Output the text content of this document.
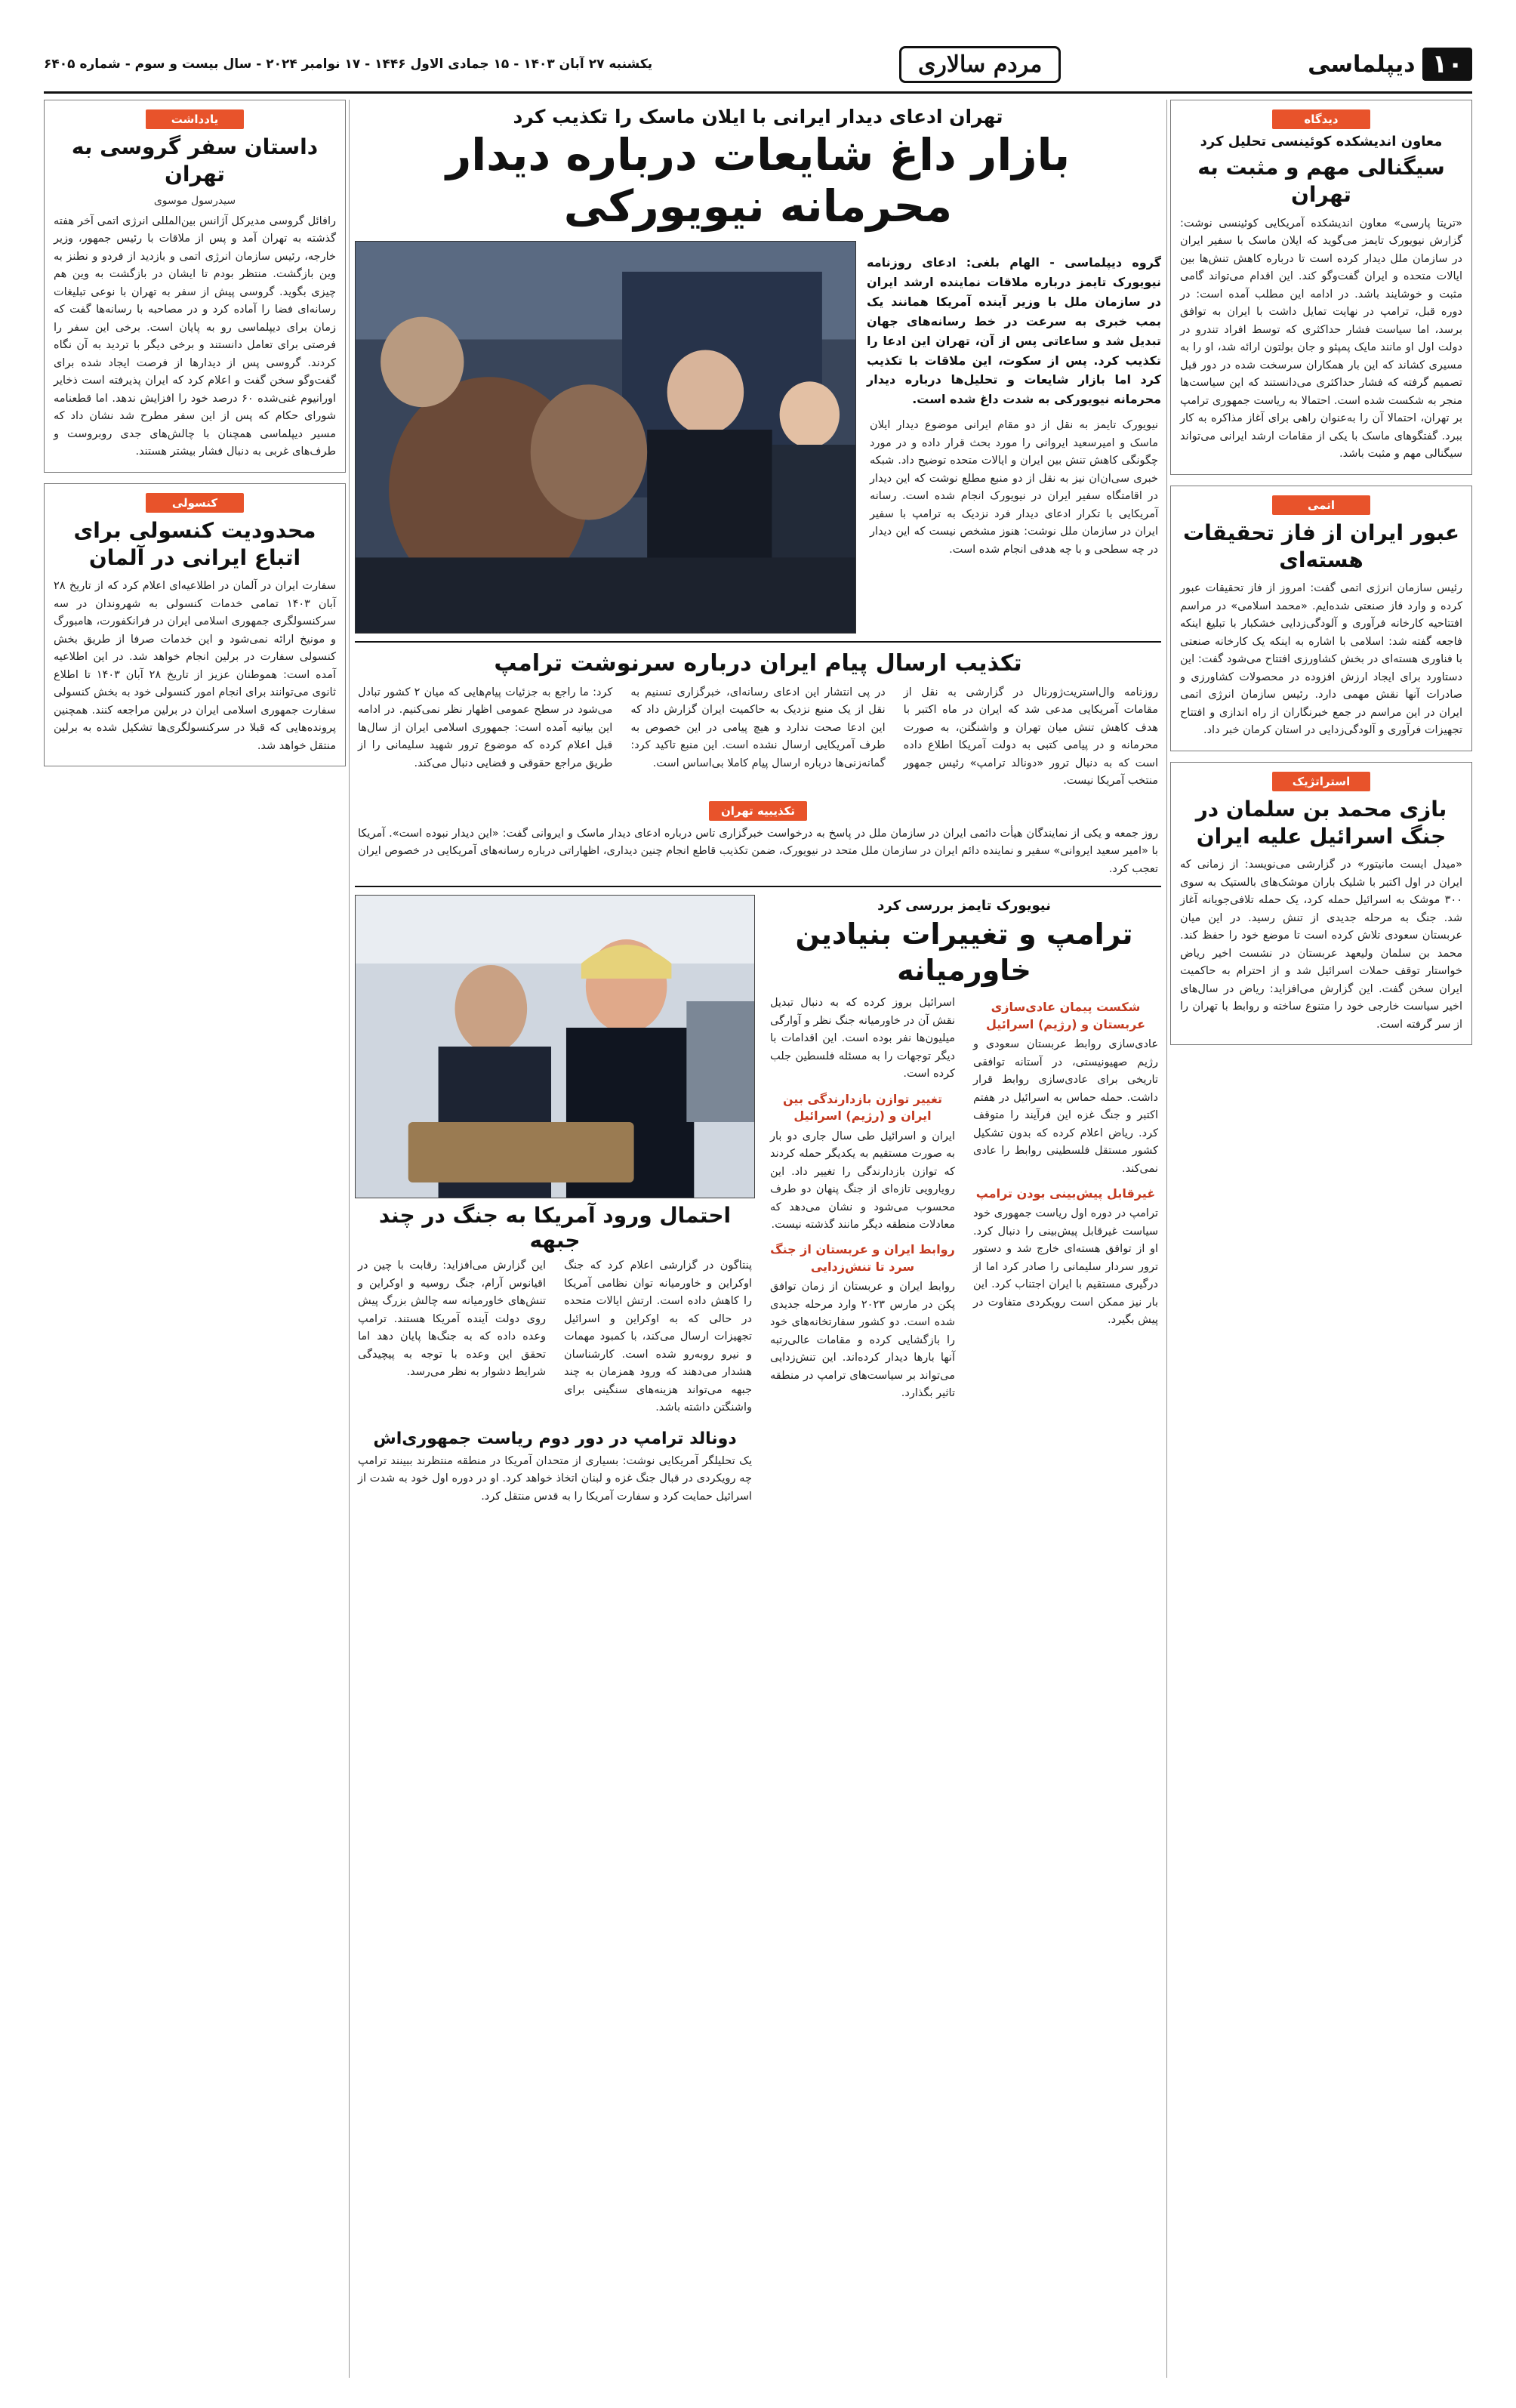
۱۰
دیپلماسی
مردم سالاری
یکشنبه ۲۷ آبان ۱۴۰۳ - ۱۵ جمادی الاول ۱۴۴۶ - ۱۷ نوامبر ۲۰۲۴ - سال بیست و سوم - شماره ۶۴۰۵
دیدگاه
معاون اندیشکده کوئینسی تحلیل کرد
سیگنالی مهم و مثبت به تهران

«تریتا پارسی» معاون اندیشکده آمریکایی کوئینسی نوشت: گزارش نیویورک تایمز می‌گوید که ایلان ماسک با سفیر ایران در سازمان ملل دیدار کرده است تا درباره کاهش تنش‌ها بین ایالات متحده و ایران گفت‌وگو کند. این اقدام می‌تواند گامی مثبت و خوشایند باشد. در ادامه این مطلب آمده است: در دوره قبل، ترامپ در نهایت تمایل داشت با ایران به توافق برسد، اما سیاست فشار حداکثری که توسط افراد تندرو در دولت اول او مانند مایک پمپئو و جان بولتون ارائه شد، او را به مسیری کشاند که این بار همکاران سرسخت شده در دور قبل تصمیم گرفته که فشار حداکثری می‌دانستند که این سیاست‌ها منجر به شکست شده است. احتمالا به ریاست جمهوری ترامپ بر تهران، احتمالا آن را به‌عنوان راهی برای آغاز مذاکره به کار ببرد. گفتگوهای ماسک با یکی از مقامات ارشد ایرانی می‌تواند سیگنالی مهم و مثبت باشد.

اتمی
عبور ایران از فاز تحقیقات هسته‌ای

رئیس سازمان انرژی اتمی گفت: امروز از فاز تحقیقات عبور کرده و وارد فاز صنعتی شده‌ایم. «محمد اسلامی» در مراسم افتتاحیه کارخانه فرآوری و آلودگی‌زدایی خشکبار با تبلیغ اینکه فاجعه گفته شد: اسلامی با اشاره به اینکه یک کارخانه صنعتی با فناوری هسته‌ای در بخش کشاورزی افتتاح می‌شود گفت: این دستاورد برای ایجاد ارزش افزوده در محصولات کشاورزی و صادرات آنها نقش مهمی دارد. رئیس سازمان انرژی اتمی ایران در این مراسم در جمع خبرنگاران از راه اندازی و افتتاح تجهیزات فرآوری و آلودگی‌زدایی در استان کرمان خبر داد.

استراتژیک
بازی محمد بن سلمان در جنگ اسرائیل علیه ایران

«میدل ایست مانیتور» در گزارشی می‌نویسد: از زمانی که ایران در اول اکتبر با شلیک باران موشک‌های بالستیک به سوی ۳۰۰ موشک به اسرائیل حمله کرد، یک حمله تلافی‌جویانه آغاز شد. جنگ به مرحله جدیدی از تنش رسید. در این میان عربستان سعودی تلاش کرده است تا موضع خود را حفظ کند. محمد بن سلمان ولیعهد عربستان در نشست اخیر ریاض خواستار توقف حملات اسرائیل شد و از احترام به حاکمیت ایران سخن گفت. این گزارش می‌افزاید: ریاض در سال‌های اخیر سیاست خارجی خود را متنوع ساخته و روابط با تهران را از سر گرفته است.

یادداشت
داستان سفر گروسی به تهران
سیدرسول موسوی

رافائل گروسی مدیرکل آژانس بین‌المللی انرژی اتمی آخر هفته گذشته به تهران آمد و پس از ملاقات با رئیس جمهور، وزیر خارجه، رئیس سازمان انرژی اتمی و بازدید از فردو و نطنز به وین بازگشت. منتظر بودم تا ایشان در بازگشت به وین هم چیزی بگوید. گروسی پیش از سفر به تهران با نوعی تبلیغات رسانه‌ای فضا را آماده کرد و در مصاحبه با رسانه‌ها گفت که زمان برای دیپلماسی رو به پایان است. برخی این سفر را فرصتی برای تعامل دانستند و برخی دیگر با تردید به آن نگاه کردند. گروسی پس از دیدارها از فرصت ایجاد شده برای گفت‌وگو سخن گفت و اعلام کرد که ایران پذیرفته است ذخایر اورانیوم غنی‌شده ۶۰ درصد خود را افزایش ندهد. اما قطعنامه شورای حکام که پس از این سفر مطرح شد نشان داد که مسیر دیپلماسی همچنان با چالش‌های جدی روبروست و طرف‌های غربی به دنبال فشار بیشتر هستند.

کنسولی
محدودیت کنسولی برای اتباع ایرانی در آلمان

سفارت ایران در آلمان در اطلاعیه‌ای اعلام کرد که از تاریخ ۲۸ آبان ۱۴۰۳ تمامی خدمات کنسولی به شهروندان در سه سرکنسولگری جمهوری اسلامی ایران در فرانکفورت، هامبورگ و مونیخ ارائه نمی‌شود و این خدمات صرفا از طریق بخش کنسولی سفارت در برلین انجام خواهد شد. در این اطلاعیه آمده است: هموطنان عزیز از تاریخ ۲۸ آبان ۱۴۰۳ تا اطلاع ثانوی می‌توانند برای انجام امور کنسولی خود به بخش کنسولی سفارت جمهوری اسلامی ایران در برلین مراجعه کنند. همچنین پرونده‌هایی که قبلا در سرکنسولگری‌ها تشکیل شده به برلین منتقل خواهد شد.

تهران ادعای دیدار ایرانی با ایلان ماسک را تکذیب کرد
بازار داغ شایعات درباره دیدار محرمانه نیویورکی

گروه دیپلماسی - الهام بلغی: ادعای روزنامه نیویورک تایمز درباره ملاقات نماینده ارشد ایران در سازمان ملل با وزیر آینده آمریکا همانند یک بمب خبری به سرعت در خط رسانه‌های جهان تبدیل شد و ساعاتی پس از آن، تهران این ادعا را تکذیب کرد. پس از سکوت، این ملاقات با تکذیب کرد اما بازار شایعات و تحلیل‌ها درباره دیدار محرمانه نیویورکی به شدت داغ شده است.

نیویورک تایمز به نقل از دو مقام ایرانی موضوع دیدار ایلان ماسک و امیرسعید ایروانی را مورد بحث قرار داده و در مورد چگونگی کاهش تنش بین ایران و ایالات متحده توضیح داد. شبکه خبری سی‌ان‌ان نیز به نقل از دو منبع مطلع نوشت که این دیدار در اقامتگاه سفیر ایران در نیویورک انجام شده است. رسانه آمریکایی با تکرار ادعای دیدار فرد نزدیک به ترامپ با سفیر ایران در سازمان ملل نوشت: هنوز مشخص نیست که این دیدار در چه سطحی و با چه هدفی انجام شده است.

تکذیب ارسال پیام ایران درباره سرنوشت ترامپ

روزنامه وال‌استریت‌ژورنال در گزارشی به نقل از مقامات آمریکایی مدعی شد که ایران در ماه اکتبر با هدف کاهش تنش میان تهران و واشنگتن، به صورت محرمانه و در پیامی کتبی به دولت آمریکا اطلاع داده است که به دنبال ترور «دونالد ترامپ» رئیس جمهور منتخب آمریکا نیست.

در پی انتشار این ادعای رسانه‌ای، خبرگزاری تسنیم به نقل از یک منبع نزدیک به حاکمیت ایران گزارش داد که این ادعا صحت ندارد و هیچ پیامی در این خصوص به طرف آمریکایی ارسال نشده است. این منبع تاکید کرد: گمانه‌زنی‌ها درباره ارسال پیام کاملا بی‌اساس است.

کرد: ما راجع به جزئیات پیام‌هایی که میان ۲ کشور تبادل می‌شود در سطح عمومی اظهار نظر نمی‌کنیم. در ادامه این بیانیه آمده است: جمهوری اسلامی ایران از سال‌ها قبل اعلام کرده که موضوع ترور شهید سلیمانی را از طریق مراجع حقوقی و قضایی دنبال می‌کند.

تکذیبیه تهران

روز جمعه و یکی از نمایندگان هیأت دائمی ایران در سازمان ملل در پاسخ به درخواست خبرگزاری تاس درباره ادعای دیدار ماسک و ایروانی گفت: «این دیدار نبوده است». آمریکا با «امیر سعید ایروانی» سفیر و نماینده دائم ایران در سازمان ملل متحد در نیویورک، ضمن تکذیب قاطع انجام چنین دیداری، اظهاراتی درباره رسانه‌های آمریکایی در خصوص ایران تعجب کرد.

نیویورک تایمز بررسی کرد
ترامپ و تغییرات بنیادین خاورمیانه
شکست پیمان عادی‌سازی عربستان و (رژیم) اسرائیل

عادی‌سازی روابط عربستان سعودی و رژیم صهیونیستی، در آستانه توافقی تاریخی برای عادی‌سازی روابط قرار داشت. حمله حماس به اسرائیل در هفتم اکتبر و جنگ غزه این فرآیند را متوقف کرد. ریاض اعلام کرده که بدون تشکیل کشور مستقل فلسطینی روابط را عادی نمی‌کند.

غیرقابل پیش‌بینی بودن ترامپ

ترامپ در دوره اول ریاست جمهوری خود سیاست غیرقابل پیش‌بینی را دنبال کرد. او از توافق هسته‌ای خارج شد و دستور ترور سردار سلیمانی را صادر کرد اما از درگیری مستقیم با ایران اجتناب کرد. این بار نیز ممکن است رویکردی متفاوت در پیش بگیرد.

اسرائیل بروز کرده که به دنبال تبدیل نقش آن در خاورمیانه جنگ نظر و آوارگی میلیون‌ها نفر بوده است. این اقدامات با دیگر توجهات را به مسئله فلسطین جلب کرده است.

تغییر توازن بازدارندگی بین ایران و (رژیم) اسرائیل

ایران و اسرائیل طی سال جاری دو بار به صورت مستقیم به یکدیگر حمله کردند که توازن بازدارندگی را تغییر داد. این رویارویی تازه‌ای از جنگ پنهان دو طرف محسوب می‌شود و نشان می‌دهد که معادلات منطقه دیگر مانند گذشته نیست.

روابط ایران و عربستان از جنگ سرد تا تنش‌زدایی

روابط ایران و عربستان از زمان توافق پکن در مارس ۲۰۲۳ وارد مرحله جدیدی شده است. دو کشور سفارتخانه‌های خود را بازگشایی کرده و مقامات عالی‌رتبه آنها بارها دیدار کرده‌اند. این تنش‌زدایی می‌تواند بر سیاست‌های ترامپ در منطقه تاثیر بگذارد.

احتمال ورود آمریکا به جنگ در چند جبهه

پنتاگون در گزارشی اعلام کرد که جنگ اوکراین و خاورمیانه توان نظامی آمریکا را کاهش داده است. ارتش ایالات متحده در حالی که به اوکراین و اسرائیل تجهیزات ارسال می‌کند، با کمبود مهمات و نیرو روبه‌رو شده است. کارشناسان هشدار می‌دهند که ورود همزمان به چند جبهه می‌تواند هزینه‌های سنگینی برای واشنگتن داشته باشد.

این گزارش می‌افزاید: رقابت با چین در اقیانوس آرام، جنگ روسیه و اوکراین و تنش‌های خاورمیانه سه چالش بزرگ پیش روی دولت آینده آمریکا هستند. ترامپ وعده داده که به جنگ‌ها پایان دهد اما تحقق این وعده با توجه به پیچیدگی شرایط دشوار به نظر می‌رسد.

دونالد ترامپ در دور دوم ریاست جمهوری‌اش

یک تحلیلگر آمریکایی نوشت: بسیاری از متحدان آمریکا در منطقه منتظرند ببینند ترامپ چه رویکردی در قبال جنگ غزه و لبنان اتخاذ خواهد کرد. او در دوره اول خود به شدت از اسرائیل حمایت کرد و سفارت آمریکا را به قدس منتقل کرد.
